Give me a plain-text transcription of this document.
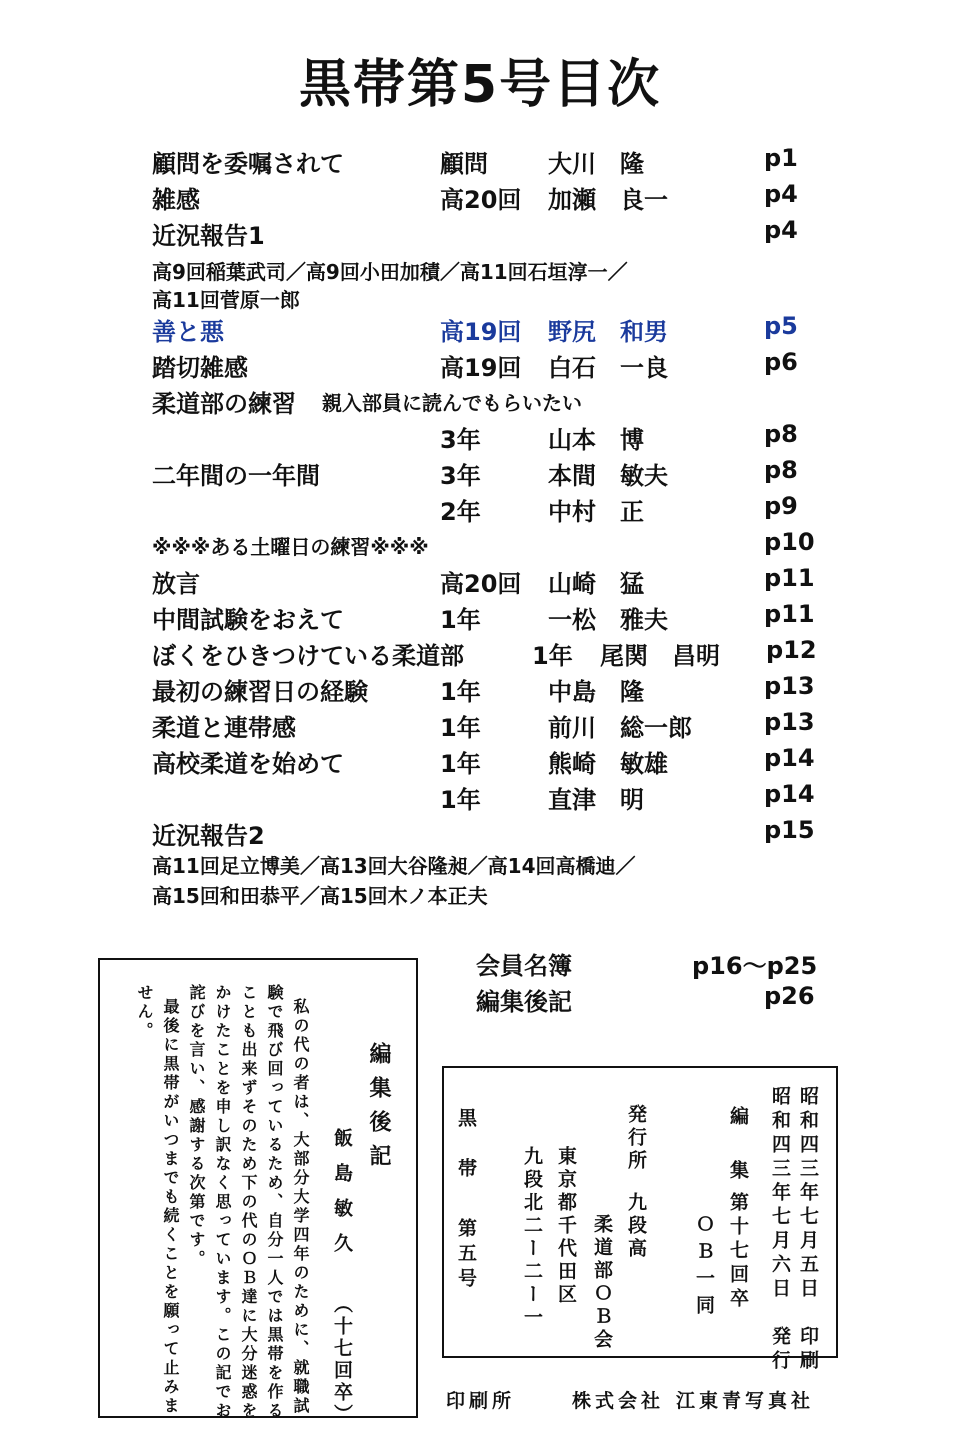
黒帯第5号目次
顧問を委嘱されて	顧問	大川　隆	p1
雑感	高20回 加瀬　良一	p4
近況報告1	p4
善と悪	高19回 野尻　和男	p5
踏切雑感	高19回 白石　一良	p6
柔道部の練習 親入部員に読んでもらいたい
3年	山本　博	p8
二年間の一年間	3年	本間　敏夫	p8
2年	中村　正	p9
※※※ある土曜日の練習※※※	p10
放言	高20回 山崎　猛	p11
中間試験をおえて	1年	一松　雅夫	p11
ぼくをひきつけている柔道部	1年 尾関　昌明 p12
最初の練習日の経験	1年	中島　隆	p13
柔道と連帯感	1年	前川　総一郎	p13
高校柔道を始めて	1年	熊崎　敏雄	p14
1年	直津　明	p14
近況報告2	p15
高9回稲葉武司／高9回小田加積／高11回石垣淳一／
高11回菅原一郎
高11回足立博美／高13回大谷隆昶／高14回高橋迪／
高15回和田恭平／高15回木ノ本正夫
会員名簿	p16〜p25
編集後記	p26
編集後記
飯島敏久
（十七回卒）
私の代の者は、大部分大学四年のために、就職試
験で飛び回っているため、自分一人では黒帯を作る
ことも出来ずそのため下の代のＯＢ達に大分迷惑を
かけたことを申し訳なく思っています。この記でお
詫びを言い、感謝する次第です。
最後に黒帯がいつまでも続くことを願って止みま
せん。
昭和四三年七月五日　印刷
昭和四三年七月六日　発行
編　集
第十七回卒
ＯＢ一同
発行所
九段高
柔道部ＯＢ会
東京都千代田区
九段北二ー二ー一
黒　帯
第五号
印刷所	株式会社 江東青写真社
